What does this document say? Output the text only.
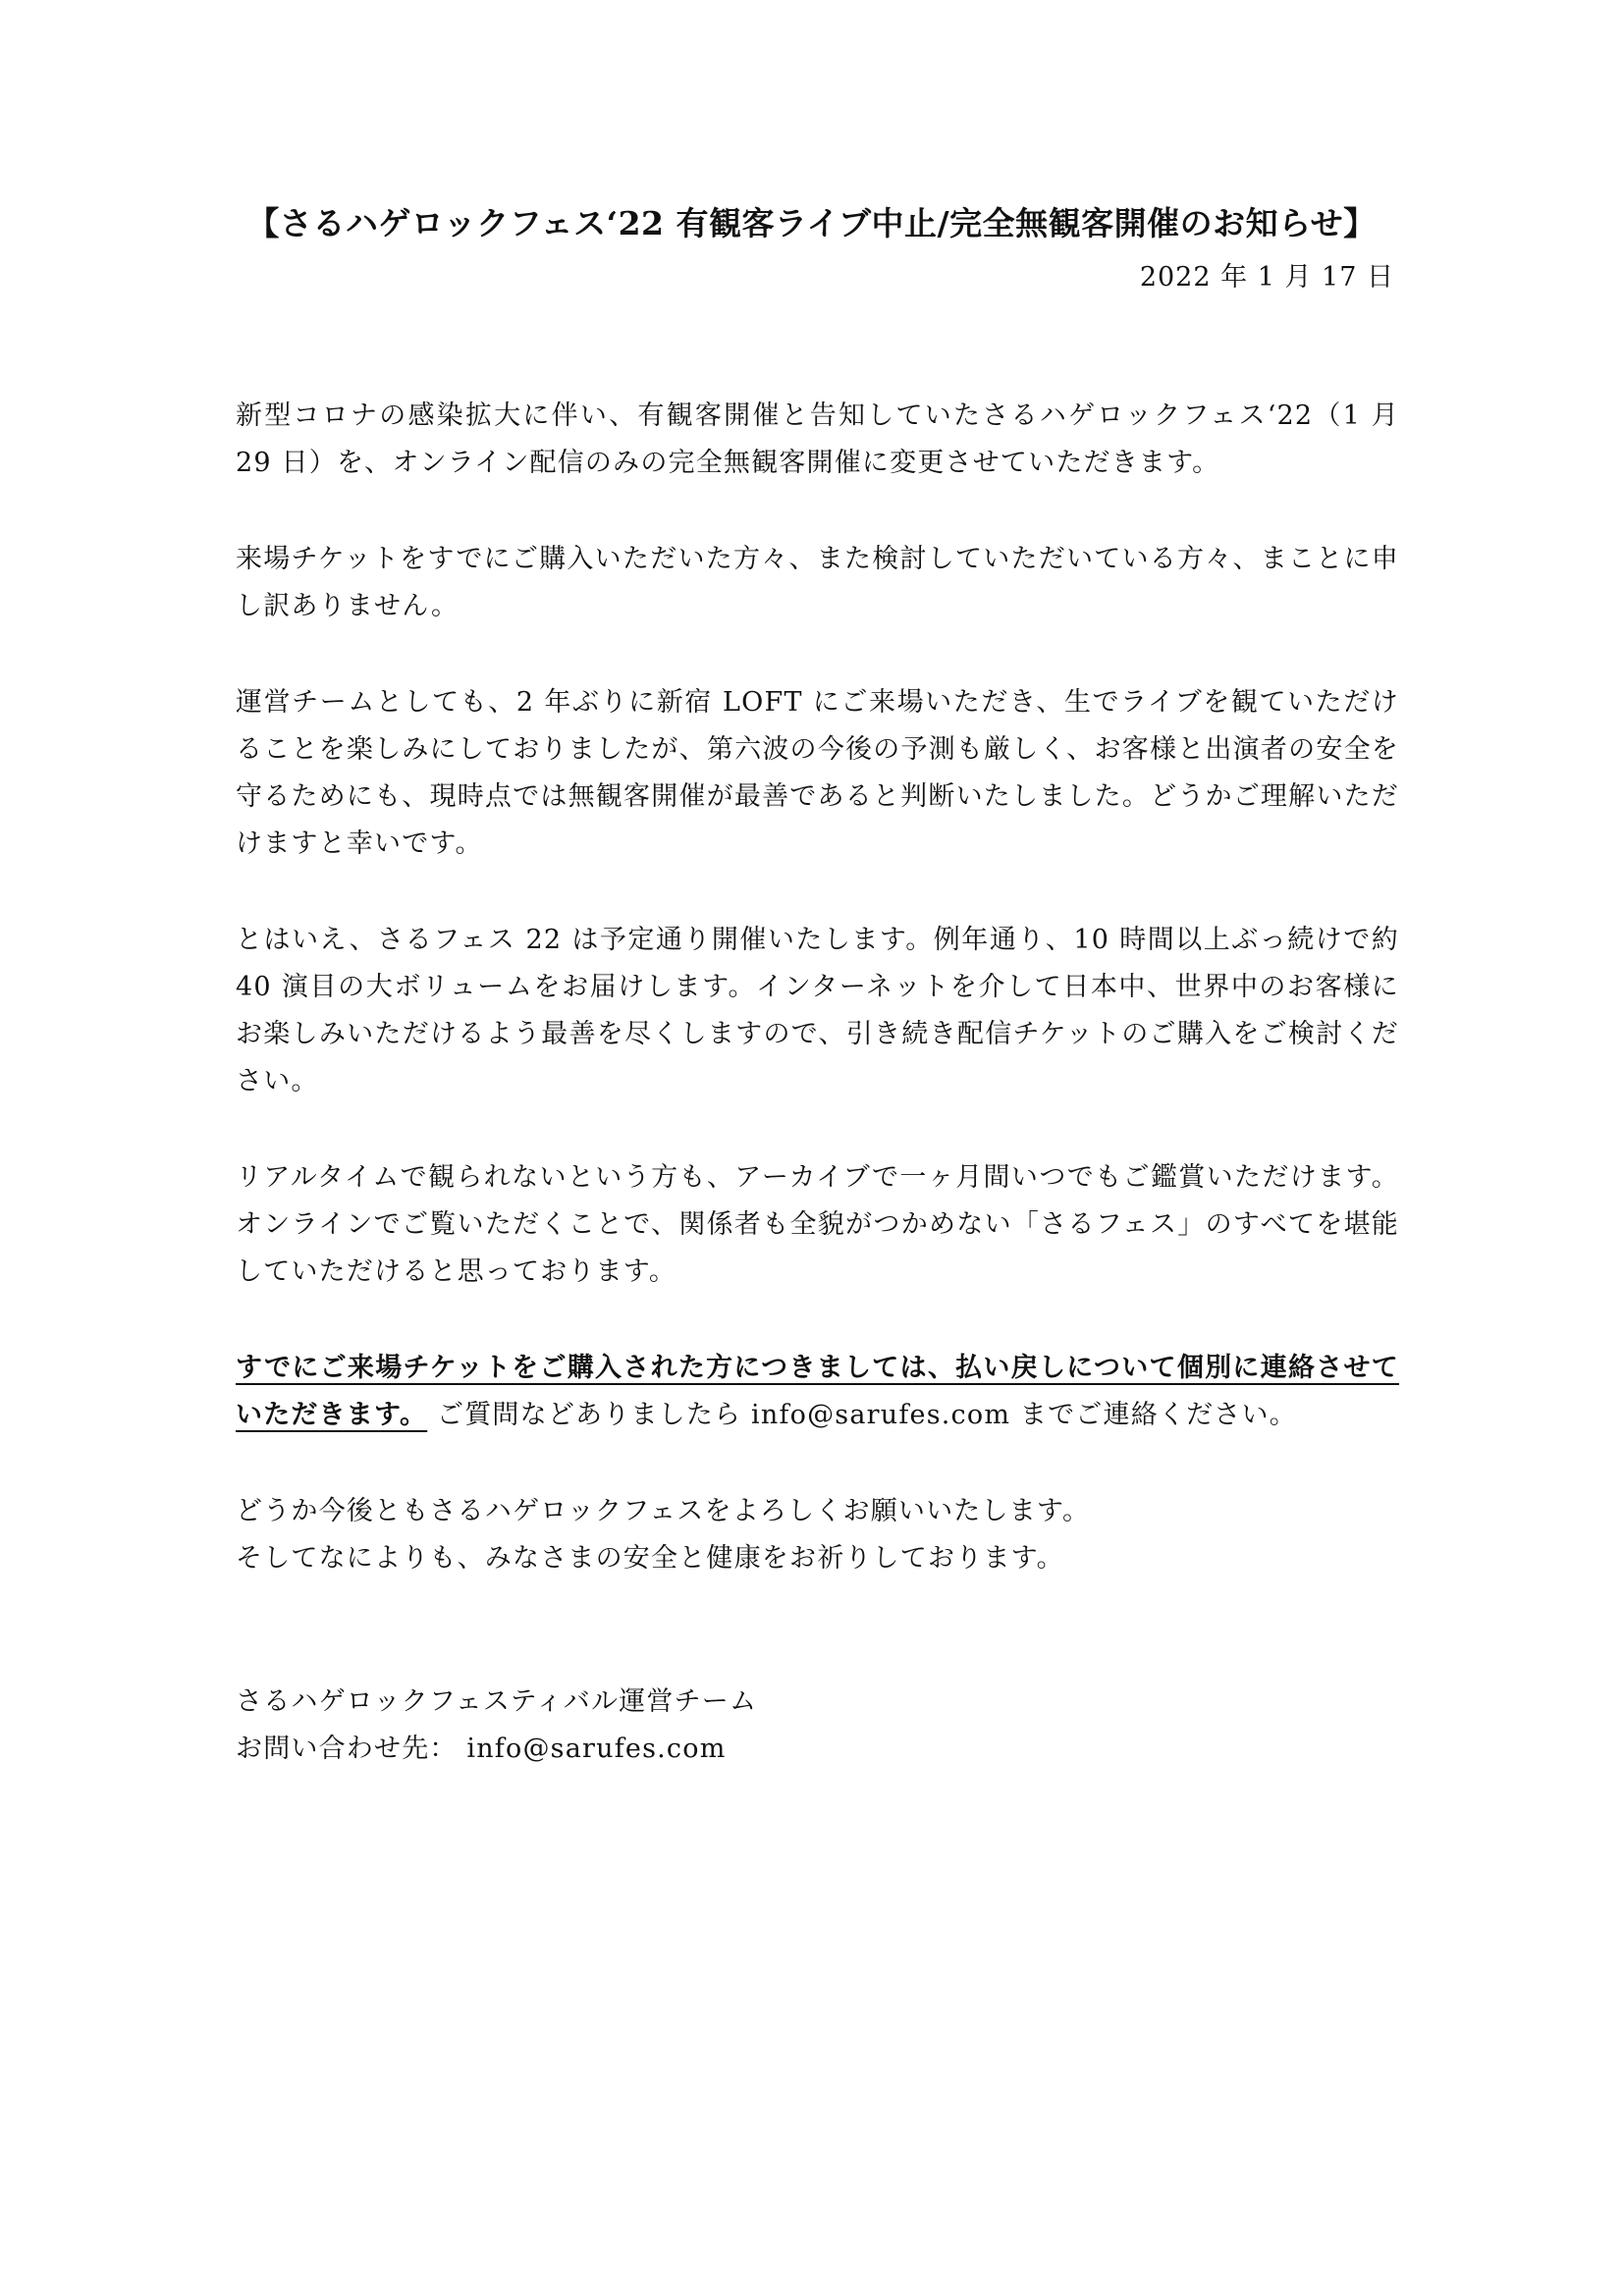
【さるハゲロックフェス‘22 有観客ライブ中止/完全無観客開催のお知らせ】
2022 年 1 月 17 日

新型コロナの感染拡大に伴い、有観客開催と告知していたさるハゲロックフェス‘22（1 月 29 日）を、オンライン配信のみの完全無観客開催に変更させていただきます。

来場チケットをすでにご購入いただいた方々、また検討していただいている方々、まことに申し訳ありません。

運営チームとしても、2 年ぶりに新宿 LOFT にご来場いただき、生でライブを観ていただけることを楽しみにしておりましたが、第六波の今後の予測も厳しく、お客様と出演者の安全を守るためにも、現時点では無観客開催が最善であると判断いたしました。どうかご理解いただけますと幸いです。

とはいえ、さるフェス 22 は予定通り開催いたします。例年通り、10 時間以上ぶっ続けで約 40 演目の大ボリュームをお届けします。インターネットを介して日本中、世界中のお客様にお楽しみいただけるよう最善を尽くしますので、引き続き配信チケットのご購入をご検討ください。

リアルタイムで観られないという方も、アーカイブで一ヶ月間いつでもご鑑賞いただけます。オンラインでご覧いただくことで、関係者も全貌がつかめない「さるフェス」のすべてを堪能していただけると思っております。

すでにご来場チケットをご購入された方につきましては、払い戻しについて個別に連絡させていただきます。 ご質問などありましたら info@sarufes.com までご連絡ください。

どうか今後ともさるハゲロックフェスをよろしくお願いいたします。

そしてなによりも、みなさまの安全と健康をお祈りしております。

さるハゲロックフェスティバル運営チーム

お問い合わせ先： info@sarufes.com
